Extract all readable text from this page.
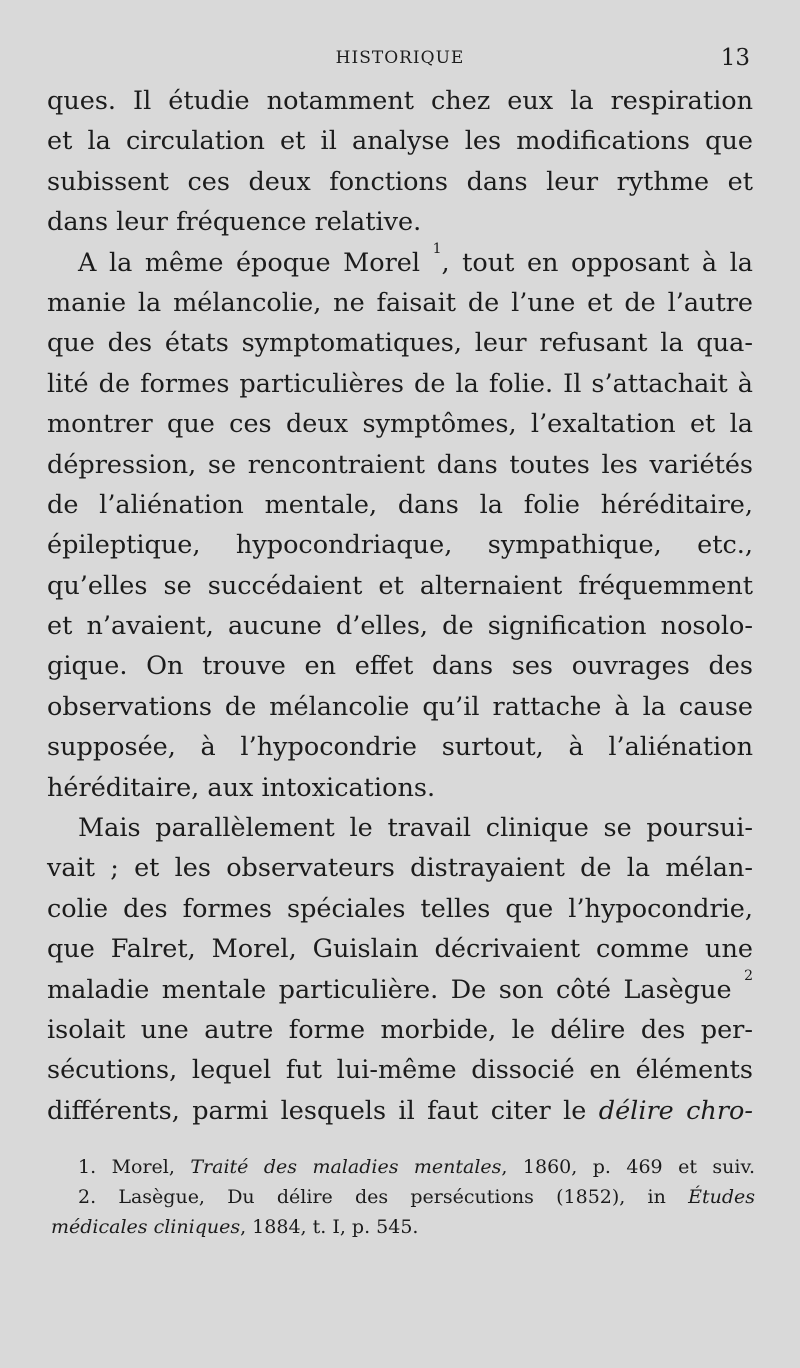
HISTORIQUE	13
ques. Il étudie notamment chez eux la respiration
et la circulation et il analyse les modifications que
subissent ces deux fonctions dans leur rythme et
dans leur fréquence relative.
A la même époque Morel $^1$, tout en opposant à la
manie la mélancolie, ne faisait de l’une et de l’autre
que des états symptomatiques, leur refusant la qua-
lité de formes particulières de la folie. Il s’attachait à
montrer que ces deux symptômes, l’exaltation et la
dépression, se rencontraient dans toutes les variétés
de l’aliénation mentale, dans la folie héréditaire,
épileptique, hypocondriaque, sympathique, etc.,
qu’elles se succédaient et alternaient fréquemment
et n’avaient, aucune d’elles, de signification nosolo-
gique. On trouve en effet dans ses ouvrages des
observations de mélancolie qu’il rattache à la cause
supposée, à l’hypocondrie surtout, à l’aliénation
héréditaire, aux intoxications.
Mais parallèlement le travail clinique se poursui-
vait ; et les observateurs distrayaient de la mélan-
colie des formes spéciales telles que l’hypocondrie,
que Falret, Morel, Guislain décrivaient comme une
maladie mentale particulière. De son côté Lasègue $^2$
isolait une autre forme morbide, le délire des per-
sécutions, lequel fut lui-même dissocié en éléments
différents, parmi lesquels il faut citer le délire chro-
1. Morel, Traité des maladies mentales, 1860, p. 469 et suiv.
2. Lasègue, Du délire des persécutions (1852), in Études
médicales cliniques, 1884, t. I, p. 545.
